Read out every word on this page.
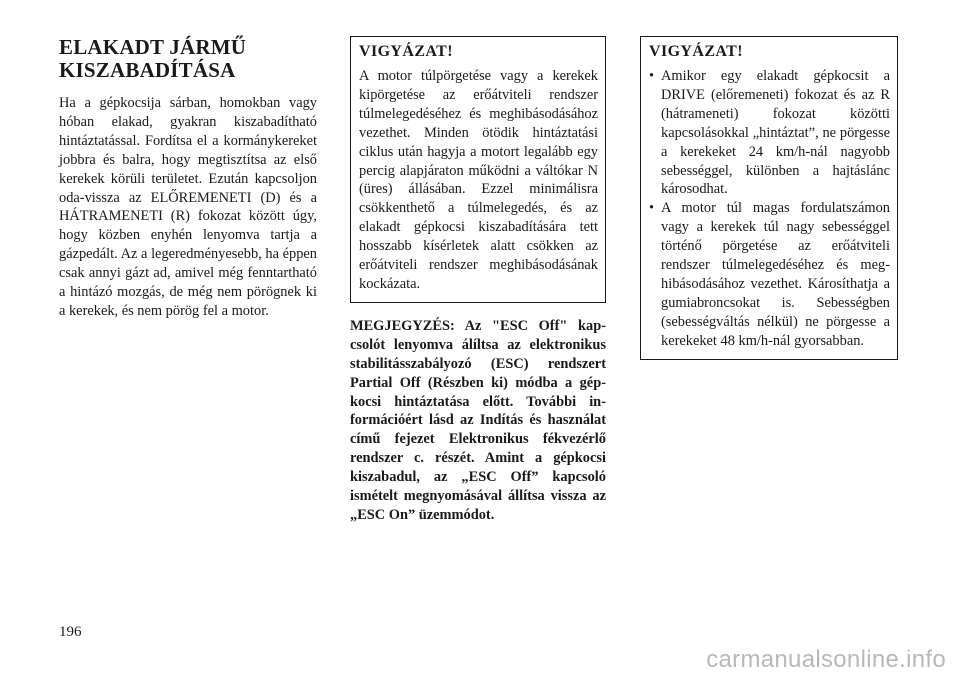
ELAKADT JÁRMŰ
KISZABADÍTÁSA

Ha a gépkocsija sárban, homokban vagy hóban elakad, gyakran kiszabadítható hintáztatással. Fordítsa el a kormánykereket jobbra és balra, hogy megtisztítsa az első kerekek körüli területet. Ezután kapcsoljon oda-vissza az ELŐREMENETI (D) és a HÁTRAMENETI (R) fokozat között úgy, hogy közben enyhén lenyomva tartja a gázpedált. Az a legeredményesebb, ha éppen csak annyi gázt ad, amivel még fenntartható a hintázó mozgás, de még nem pörögnek ki a kerekek, és nem pörög fel a motor.

VIGYÁZAT!

A motor túlpörgetése vagy a kerekek kipörgetése az erőátviteli rendszer túlmelegedéséhez és meghibásodásához vezethet. Minden ötödik hintáztatási ciklus után hagyja a motort legalább egy percig alapjáraton működni a váltókar N (üres) állásában. Ezzel minimálisra csökkenthető a túlmelegedés, és az elakadt gépkocsi kiszabadítására tett hosszabb kísérletek alatt csökken az erőátviteli rendszer meghibásodásának kockázata.

MEGJEGYZÉS: Az "ESC Off" kapcsolót lenyomva álíltsa az elektronikus stabilitásszabályozó (ESC) rendszert Partial Off (Részben ki) módba a gépkocsi hintáztatása előtt. További információért lásd az Indítás és használat című fejezet Elektronikus fékvezérlő rendszer c. részét. Amint a gépkocsi kiszabadul, az „ESC Off” kapcsoló ismételt megnyomásával állítsa vissza az „ESC On” üzemmódot.
VIGYÁZAT!
• Amikor egy elakadt gépkocsit a DRIVE (előremeneti) fokozat és az R (hátrameneti) fokozat közötti kapcsolásokkal „hintáztat”, ne pörgesse a kerekeket 24 km/h-nál nagyobb sebességgel, különben a hajtáslánc károsodhat.
• A motor túl magas fordulatszámon vagy a kerekek túl nagy sebességgel történő pörgetése az erőátviteli rendszer túlmelegedéséhez és meghibásodásához vezethet. Károsíthatja a gumiabroncsokat is. Sebességben (sebességváltás nélkül) ne pörgesse a kerekeket 48 km/h-nál gyorsabban.
196
carmanualsonline.info
